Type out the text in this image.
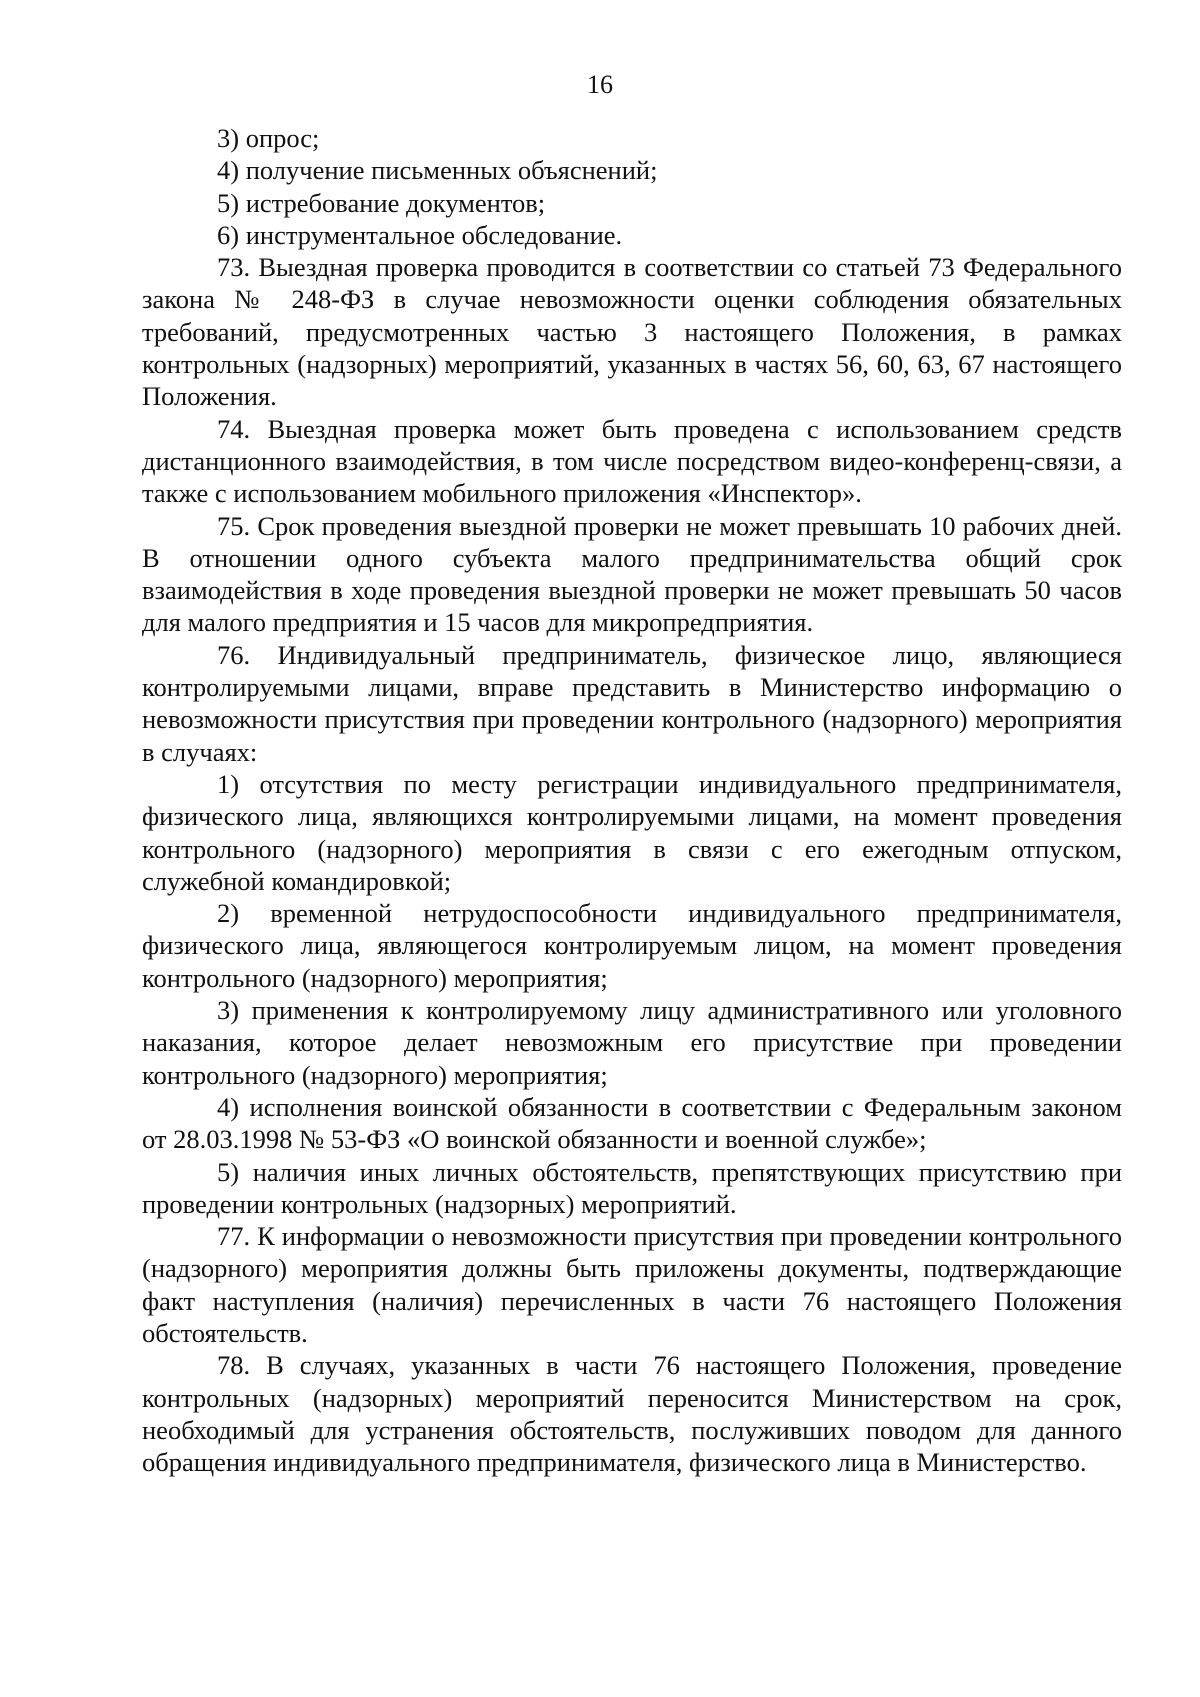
16

3) опрос;

4) получение письменных объяснений;

5) истребование документов;

6) инструментальное обследование.

73. Выездная проверка проводится в соответствии со статьей 73 Федерального закона № 248-ФЗ в случае невозможности оценки соблюдения обязательных требований, предусмотренных частью 3 настоящего Положения, в рамках контрольных (надзорных) мероприятий, указанных в частях 56, 60, 63, 67 настоящего Положения.

74. Выездная проверка может быть проведена с использованием средств дистанционного взаимодействия, в том числе посредством видео-конференц-связи, а также с использованием мобильного приложения «Инспектор».

75. Срок проведения выездной проверки не может превышать 10 рабочих дней. В отношении одного субъекта малого предпринимательства общий срок взаимодействия в ходе проведения выездной проверки не может превышать 50 часов для малого предприятия и 15 часов для микропредприятия.

76. Индивидуальный предприниматель, физическое лицо, являющиеся контролируемыми лицами, вправе представить в Министерство информацию о невозможности присутствия при проведении контрольного (надзорного) мероприятия в случаях:

1) отсутствия по месту регистрации индивидуального предпринимателя, физического лица, являющихся контролируемыми лицами, на момент проведения контрольного (надзорного) мероприятия в связи с его ежегодным отпуском, служебной командировкой;

2) временной нетрудоспособности индивидуального предпринимателя, физического лица, являющегося контролируемым лицом, на момент проведения контрольного (надзорного) мероприятия;

3) применения к контролируемому лицу административного или уголовного наказания, которое делает невозможным его присутствие при проведении контрольного (надзорного) мероприятия;

4) исполнения воинской обязанности в соответствии с Федеральным законом от 28.03.1998 № 53-ФЗ «О воинской обязанности и военной службе»;

5) наличия иных личных обстоятельств, препятствующих присутствию при проведении контрольных (надзорных) мероприятий.

77. К информации о невозможности присутствия при проведении контрольного (надзорного) мероприятия должны быть приложены документы, подтверждающие факт наступления (наличия) перечисленных в части 76 настоящего Положения обстоятельств.

78. В случаях, указанных в части 76 настоящего Положения, проведение контрольных (надзорных) мероприятий переносится Министерством на срок, необходимый для устранения обстоятельств, послуживших поводом для данного обращения индивидуального предпринимателя, физического лица в Министерство.
